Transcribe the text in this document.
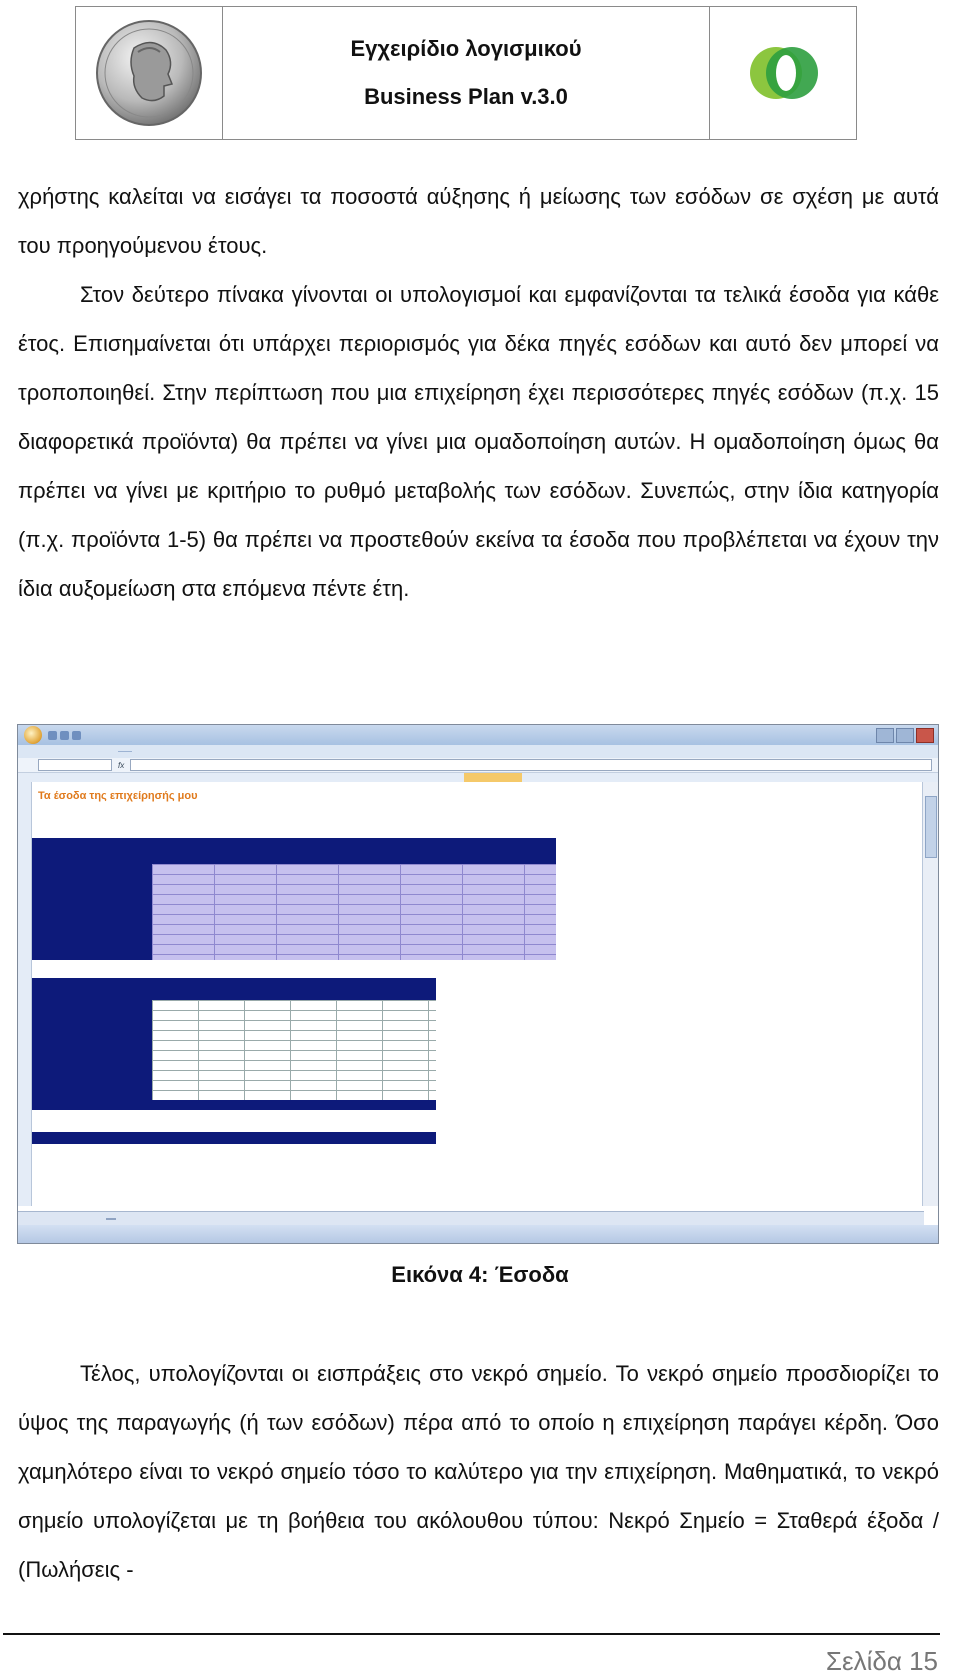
Εγχειρίδιο λογισμικού
Business Plan v.3.0

χρήστης καλείται να εισάγει τα ποσοστά αύξησης ή μείωσης των εσόδων σε σχέση με αυτά του προηγούμενου έτους.

Στον δεύτερο πίνακα γίνονται οι υπολογισμοί και εμφανίζονται τα τελικά έσοδα για κάθε έτος. Επισημαίνεται ότι υπάρχει περιορισμός για δέκα πηγές εσόδων και αυτό δεν μπορεί να τροποποιηθεί. Στην περίπτωση που μια επιχείρηση έχει περισσότερες πηγές εσόδων (π.χ. 15 διαφορετικά προϊόντα) θα πρέπει να γίνει μια ομαδοποίηση αυτών. Η ομαδοποίηση όμως θα πρέπει να γίνει με κριτήριο το ρυθμό μεταβολής των εσόδων. Συνεπώς, στην ίδια κατηγορία (π.χ. προϊόντα 1-5) θα πρέπει να προστεθούν εκείνα τα έσοδα που προβλέπεται να έχουν την ίδια αυξομείωση στα επόμενα πέντε έτη.

fx
Τα έσοδα της επιχείρησής μου
Εικόνα 4: Έσοδα

Τέλος, υπολογίζονται οι εισπράξεις στο νεκρό σημείο. Το νεκρό σημείο προσδιορίζει το ύψος της παραγωγής (ή των εσόδων) πέρα από το οποίο η επιχείρηση παράγει κέρδη. Όσο χαμηλότερο είναι το νεκρό σημείο τόσο το καλύτερο για την επιχείρηση. Μαθηματικά, το νεκρό σημείο υπολογίζεται με τη βοήθεια του ακόλουθου τύπου: Νεκρό Σημείο = Σταθερά έξοδα / (Πωλήσεις -

Σελίδα 15
